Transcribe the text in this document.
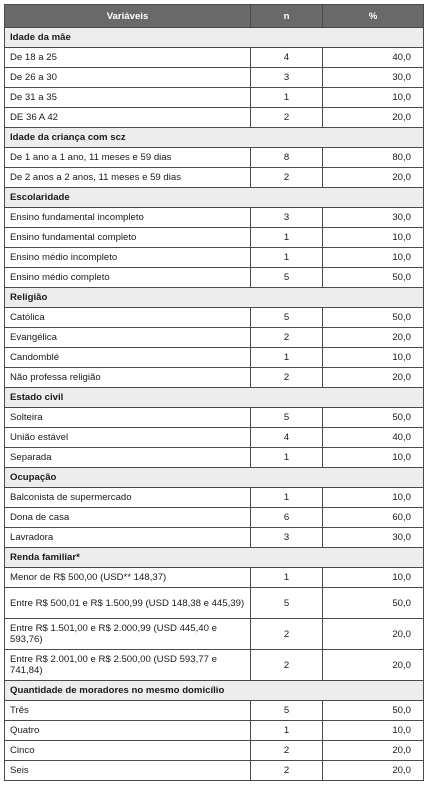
Variáveis	n	%
Idade da mãe		
De 18 a 25	4	40,0
De 26 a 30	3	30,0
De 31 a 35	1	10,0
DE 36 A 42	2	20,0
Idade da criança com scz		
De 1 ano a 1 ano, 11 meses e 59 dias	8	80,0
De 2 anos a 2 anos, 11 meses e 59 dias	2	20,0
Escolaridade		
Ensino fundamental incompleto	3	30,0
Ensino fundamental completo	1	10,0
Ensino médio incompleto	1	10,0
Ensino médio completo	5	50,0
Religião		
Católica	5	50,0
Evangélica	2	20,0
Candomblé	1	10,0
Não professa religião	2	20,0
Estado civil		
Solteira	5	50,0
União estável	4	40,0
Separada	1	10,0
Ocupação		
Balconista de supermercado	1	10,0
Dona de casa	6	60,0
Lavradora	3	30,0
Renda familiar*		
Menor de R$ 500,00 (USD** 148,37)	1	10,0
Entre R$ 500,01 e R$ 1.500,99 (USD 148,38 e 445,39)	5	50,0
Entre R$ 1.501,00 e R$ 2.000,99 (USD 445,40 e 593,76)	2	20,0
Entre R$ 2.001,00 e R$ 2.500,00 (USD 593,77 e 741,84)	2	20,0
Quantidade de moradores no mesmo domicílio		
Três	5	50,0
Quatro	1	10,0
Cinco	2	20,0
Seis	2	20,0
